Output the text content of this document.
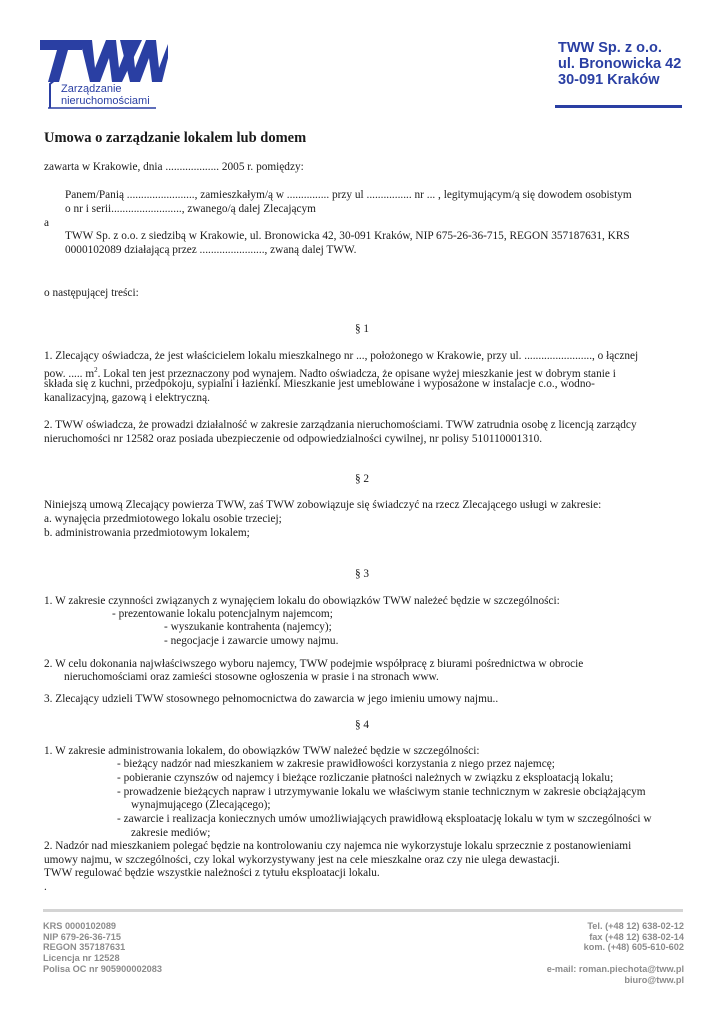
Zarządzanie
nieruchomościami
TWW Sp. z o.o.
ul. Bronowicka 42
30-091 Kraków
Umowa o zarządzanie lokalem lub domem
zawarta w Krakowie, dnia ................... 2005 r. pomiędzy:
Panem/Panią ........................, zamieszkałym/ą w ............... przy ul ................ nr ... , legitymującym/ą się dowodem osobistym
o nr i serii........................., zwanego/ą dalej Zlecającym
a
TWW Sp. z o.o. z siedzibą w Krakowie, ul. Bronowicka 42, 30-091 Kraków, NIP 675-26-36-715, REGON 357187631, KRS
0000102089 działającą przez ......................., zwaną dalej TWW.
o następującej treści:
§ 1
1. Zlecający oświadcza, że jest właścicielem lokalu mieszkalnego nr ..., położonego w Krakowie, przy ul. ........................, o łącznej
pow. ..... $m^2$. Lokal ten jest przeznaczony pod wynajem. Nadto oświadcza, że opisane wyżej mieszkanie jest w dobrym stanie i
składa się z kuchni, przedpokoju, sypialni i łazienki. Mieszkanie jest umeblowane i wyposażone w instalacje c.o., wodno-
kanalizacyjną, gazową i elektryczną.
2. TWW oświadcza, że prowadzi działalność w zakresie zarządzania nieruchomościami. TWW zatrudnia osobę z licencją zarządcy
nieruchomości nr 12582 oraz posiada ubezpieczenie od odpowiedzialności cywilnej, nr polisy 510110001310.
§ 2
Niniejszą umową Zlecający powierza TWW, zaś TWW zobowiązuje się świadczyć na rzecz Zlecającego usługi w zakresie:
a. wynajęcia przedmiotowego lokalu osobie trzeciej;
b. administrowania przedmiotowym lokalem;
§ 3
1. W zakresie czynności związanych z wynajęciem lokalu do obowiązków TWW należeć będzie w szczególności:
- prezentowanie lokalu potencjalnym najemcom;
- wyszukanie kontrahenta (najemcy);
- negocjacje i zawarcie umowy najmu.
2. W celu dokonania najwłaściwszego wyboru najemcy, TWW podejmie współpracę z biurami pośrednictwa w obrocie
nieruchomościami oraz zamieści stosowne ogłoszenia w prasie i na stronach www.
3. Zlecający udzieli TWW stosownego pełnomocnictwa do zawarcia w jego imieniu umowy najmu..
§ 4
1. W zakresie administrowania lokalem, do obowiązków TWW należeć będzie w szczególności:
- bieżący nadzór nad mieszkaniem w zakresie prawidłowości korzystania z niego przez najemcę;
- pobieranie czynszów od najemcy i bieżące rozliczanie płatności należnych w związku z eksploatacją lokalu;
- prowadzenie bieżących napraw i utrzymywanie lokalu we właściwym stanie technicznym w zakresie obciążającym
wynajmującego (Zlecającego);
- zawarcie i realizacja koniecznych umów umożliwiających prawidłową eksploatację lokalu w tym w szczególności w
zakresie mediów;
2. Nadzór nad mieszkaniem polegać będzie na kontrolowaniu czy najemca nie wykorzystuje lokalu sprzecznie z postanowieniami
umowy najmu, w szczególności, czy lokal wykorzystywany jest na cele mieszkalne oraz czy nie ulega dewastacji.
TWW regulować będzie wszystkie należności z tytułu eksploatacji lokalu.
.
KRS 0000102089
NIP 679-26-36-715
REGON 357187631
Licencja nr 12528
Polisa OC nr 905900002083
Tel. (+48 12) 638-02-12
fax (+48 12) 638-02-14
kom. (+48) 605-610-602
e-mail: roman.piechota@tww.pl
biuro@tww.pl
